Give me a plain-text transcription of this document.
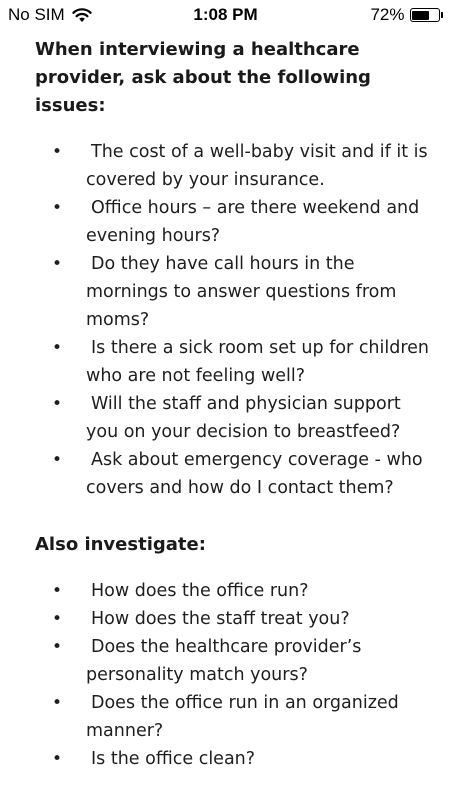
No SIM	1:08 PM	72%

When interviewing a healthcare provider, ask about the following issues:

• The cost of a well-baby visit and if it is covered by your insurance.
• Office hours – are there weekend and evening hours?
• Do they have call hours in the mornings to answer questions from moms?
• Is there a sick room set up for children who are not feeling well?
• Will the staff and physician support you on your decision to breastfeed?
• Ask about emergency coverage - who covers and how do I contact them?

Also investigate:

• How does the office run?
• How does the staff treat you?
• Does the healthcare provider’s personality match yours?
• Does the office run in an organized manner?
• Is the office clean?
